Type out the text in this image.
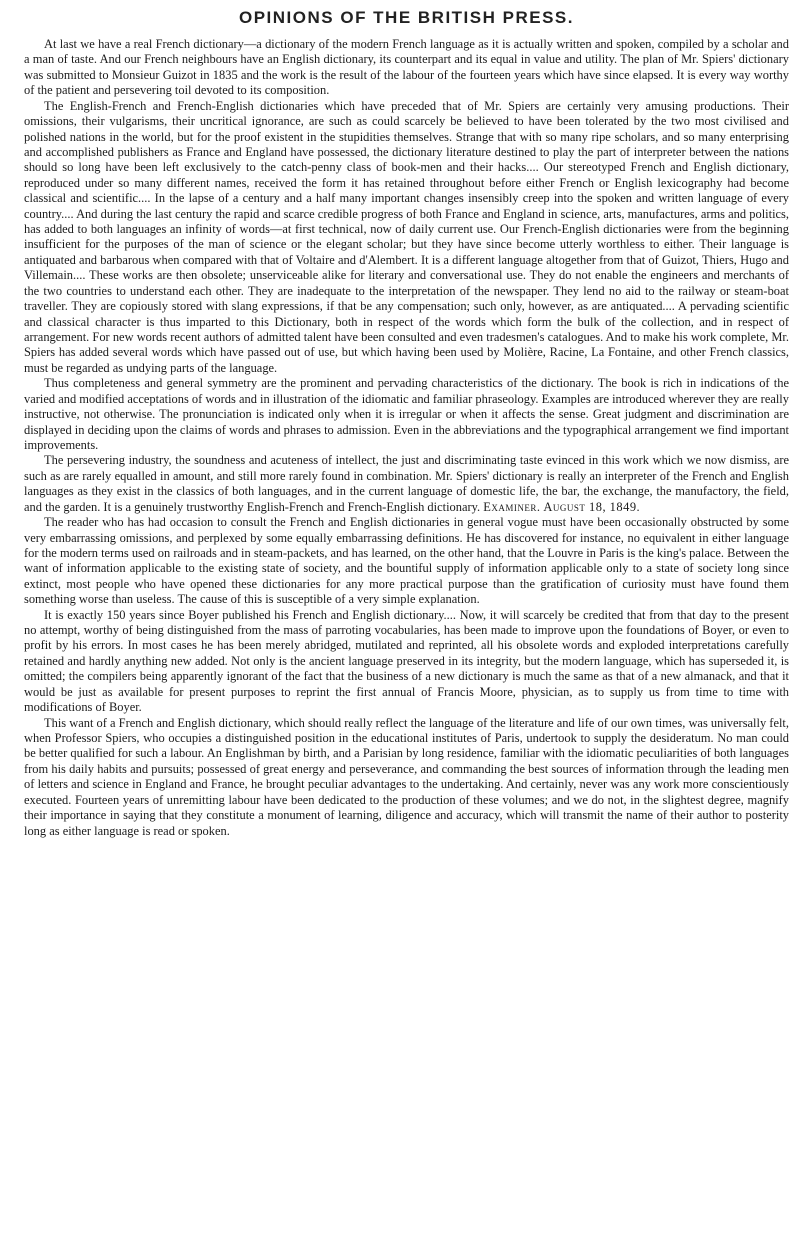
OPINIONS OF THE BRITISH PRESS.

At last we have a real French dictionary—a dictionary of the modern French language as it is actually written and spoken, compiled by a scholar and a man of taste. And our French neighbours have an English dictionary, its counterpart and its equal in value and utility. The plan of Mr. Spiers' dictionary was submitted to Monsieur Guizot in 1835 and the work is the result of the labour of the fourteen years which have since elapsed. It is every way worthy of the patient and persevering toil devoted to its composition.

The English-French and French-English dictionaries which have preceded that of Mr. Spiers are certainly very amusing productions. Their omissions, their vulgarisms, their uncritical ignorance, are such as could scarcely be believed to have been tolerated by the two most civilised and polished nations in the world, but for the proof existent in the stupidities themselves. Strange that with so many ripe scholars, and so many enterprising and accomplished publishers as France and England have possessed, the dictionary literature destined to play the part of interpreter between the nations should so long have been left exclusively to the catch-penny class of book-men and their hacks.... Our stereotyped French and English dictionary, reproduced under so many different names, received the form it has retained throughout before either French or English lexicography had become classical and scientific.... In the lapse of a century and a half many important changes insensibly creep into the spoken and written language of every country.... And during the last century the rapid and scarce credible progress of both France and England in science, arts, manufactures, arms and politics, has added to both languages an infinity of words—at first technical, now of daily current use. Our French-English dictionaries were from the beginning insufficient for the purposes of the man of science or the elegant scholar; but they have since become utterly worthless to either. Their language is antiquated and barbarous when compared with that of Voltaire and d'Alembert. It is a different language altogether from that of Guizot, Thiers, Hugo and Villemain.... These works are then obsolete; unserviceable alike for literary and conversational use. They do not enable the engineers and merchants of the two countries to understand each other. They are inadequate to the interpretation of the newspaper. They lend no aid to the railway or steam-boat traveller. They are copiously stored with slang expressions, if that be any compensation; such only, however, as are antiquated.... A pervading scientific and classical character is thus imparted to this Dictionary, both in respect of the words which form the bulk of the collection, and in respect of arrangement. For new words recent authors of admitted talent have been consulted and even tradesmen's catalogues. And to make his work complete, Mr. Spiers has added several words which have passed out of use, but which having been used by Molière, Racine, La Fontaine, and other French classics, must be regarded as undying parts of the language.

Thus completeness and general symmetry are the prominent and pervading characteristics of the dictionary. The book is rich in indications of the varied and modified acceptations of words and in illustration of the idiomatic and familiar phraseology. Examples are introduced wherever they are really instructive, not otherwise. The pronunciation is indicated only when it is irregular or when it affects the sense. Great judgment and discrimination are displayed in deciding upon the claims of words and phrases to admission. Even in the abbreviations and the typographical arrangement we find important improvements.

The persevering industry, the soundness and acuteness of intellect, the just and discriminating taste evinced in this work which we now dismiss, are such as are rarely equalled in amount, and still more rarely found in combination. Mr. Spiers' dictionary is really an interpreter of the French and English languages as they exist in the classics of both languages, and in the current language of domestic life, the bar, the exchange, the manufactory, the field, and the garden. It is a genuinely trustworthy English-French and French-English dictionary. Examiner. August 18, 1849.

The reader who has had occasion to consult the French and English dictionaries in general vogue must have been occasionally obstructed by some very embarrassing omissions, and perplexed by some equally embarrassing definitions. He has discovered for instance, no equivalent in either language for the modern terms used on railroads and in steam-packets, and has learned, on the other hand, that the Louvre in Paris is the king's palace. Between the want of information applicable to the existing state of society, and the bountiful supply of information applicable only to a state of society long since extinct, most people who have opened these dictionaries for any more practical purpose than the gratification of curiosity must have found them something worse than useless. The cause of this is susceptible of a very simple explanation.

It is exactly 150 years since Boyer published his French and English dictionary.... Now, it will scarcely be credited that from that day to the present no attempt, worthy of being distinguished from the mass of parroting vocabularies, has been made to improve upon the foundations of Boyer, or even to profit by his errors. In most cases he has been merely abridged, mutilated and reprinted, all his obsolete words and exploded interpretations carefully retained and hardly anything new added. Not only is the ancient language preserved in its integrity, but the modern language, which has superseded it, is omitted; the compilers being apparently ignorant of the fact that the business of a new dictionary is much the same as that of a new almanack, and that it would be just as available for present purposes to reprint the first annual of Francis Moore, physician, as to supply us from time to time with modifications of Boyer.

This want of a French and English dictionary, which should really reflect the language of the literature and life of our own times, was universally felt, when Professor Spiers, who occupies a distinguished position in the educational institutes of Paris, undertook to supply the desideratum. No man could be better qualified for such a labour. An Englishman by birth, and a Parisian by long residence, familiar with the idiomatic peculiarities of both languages from his daily habits and pursuits; possessed of great energy and perseverance, and commanding the best sources of information through the leading men of letters and science in England and France, he brought peculiar advantages to the undertaking. And certainly, never was any work more conscientiously executed. Fourteen years of unremitting labour have been dedicated to the production of these volumes; and we do not, in the slightest degree, magnify their importance in saying that they constitute a monument of learning, diligence and accuracy, which will transmit the name of their author to posterity long as either language is read or spoken.
